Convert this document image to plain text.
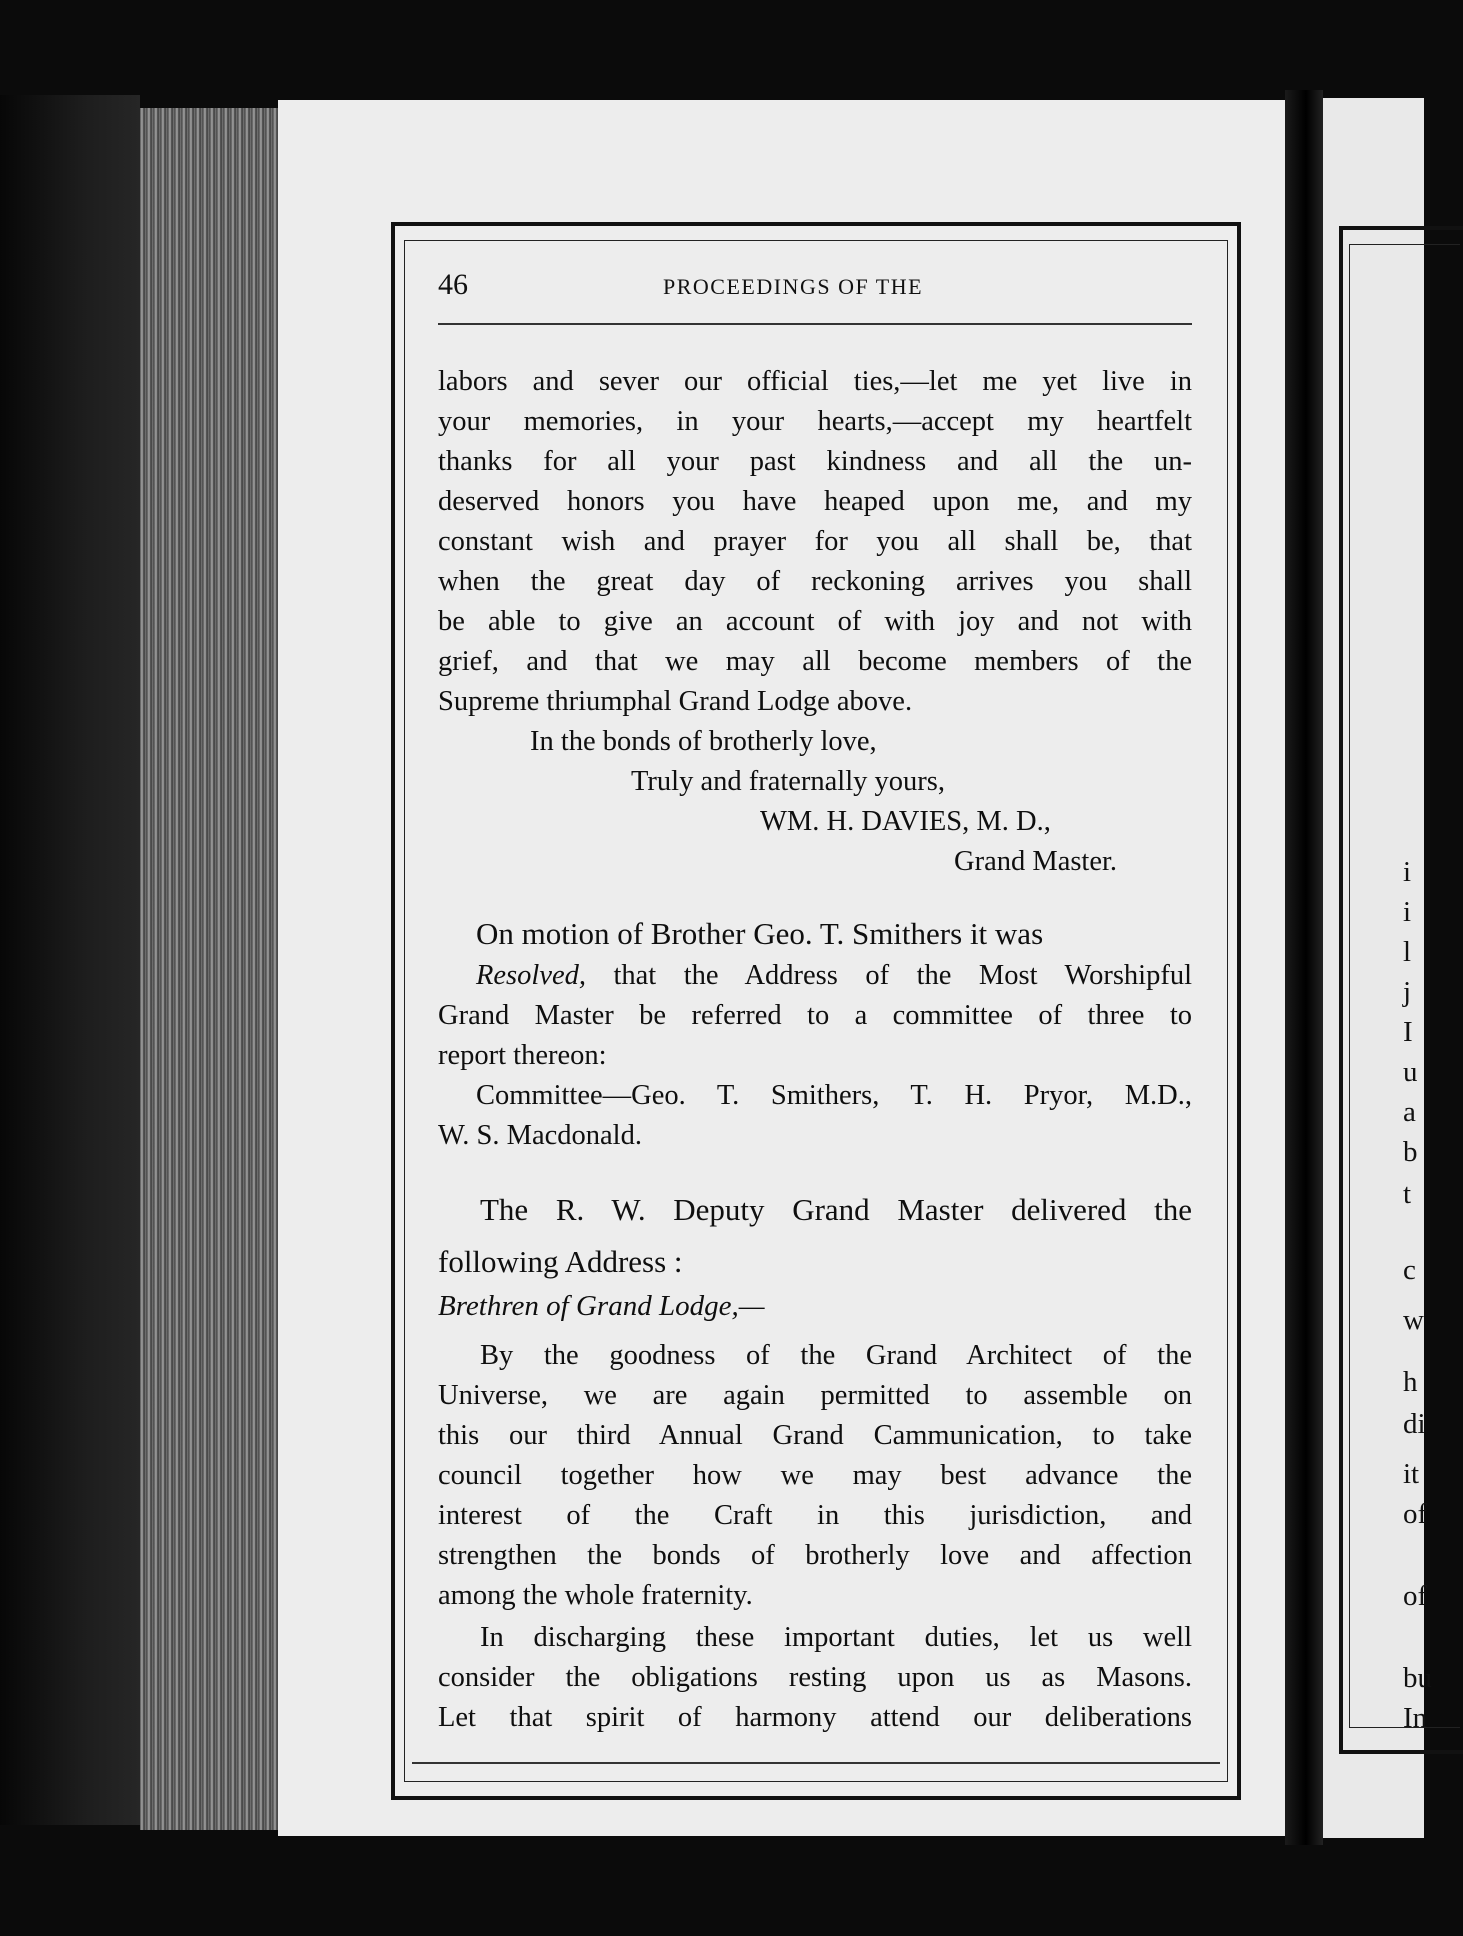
i
i
l
j
I
u
a
b
t
c
w
h
di
it
of
of
bu
In
46	PROCEEDINGS OF THE
labors and sever our official ties,—let me yet live in
your memories, in your hearts,—accept my heartfelt
thanks for all your past kindness and all the un-
deserved honors you have heaped upon me, and my
constant wish and prayer for you all shall be, that
when the great day of reckoning arrives you shall
be able to give an account of with joy and not with
grief, and that we may all become members of the
Supreme thriumphal Grand Lodge above.
In the bonds of brotherly love,
Truly and fraternally yours,
WM. H. DAVIES, M. D.,
Grand Master.
On motion of Brother Geo. T. Smithers it was
Resolved, that the Address of the Most Worshipful
Grand Master be referred to a committee of three to
report thereon:
Committee—Geo. T. Smithers, T. H. Pryor, M.D.,
W. S. Macdonald.
The R. W. Deputy Grand Master delivered the
following Address :
Brethren of Grand Lodge,—
By the goodness of the Grand Architect of the
Universe, we are again permitted to assemble on
this our third Annual Grand Cammunication, to take
council together how we may best advance the
interest of the Craft in this jurisdiction, and
strengthen the bonds of brotherly love and affection
among the whole fraternity.
In discharging these important duties, let us well
consider the obligations resting upon us as Masons.
Let that spirit of harmony attend our deliberations
